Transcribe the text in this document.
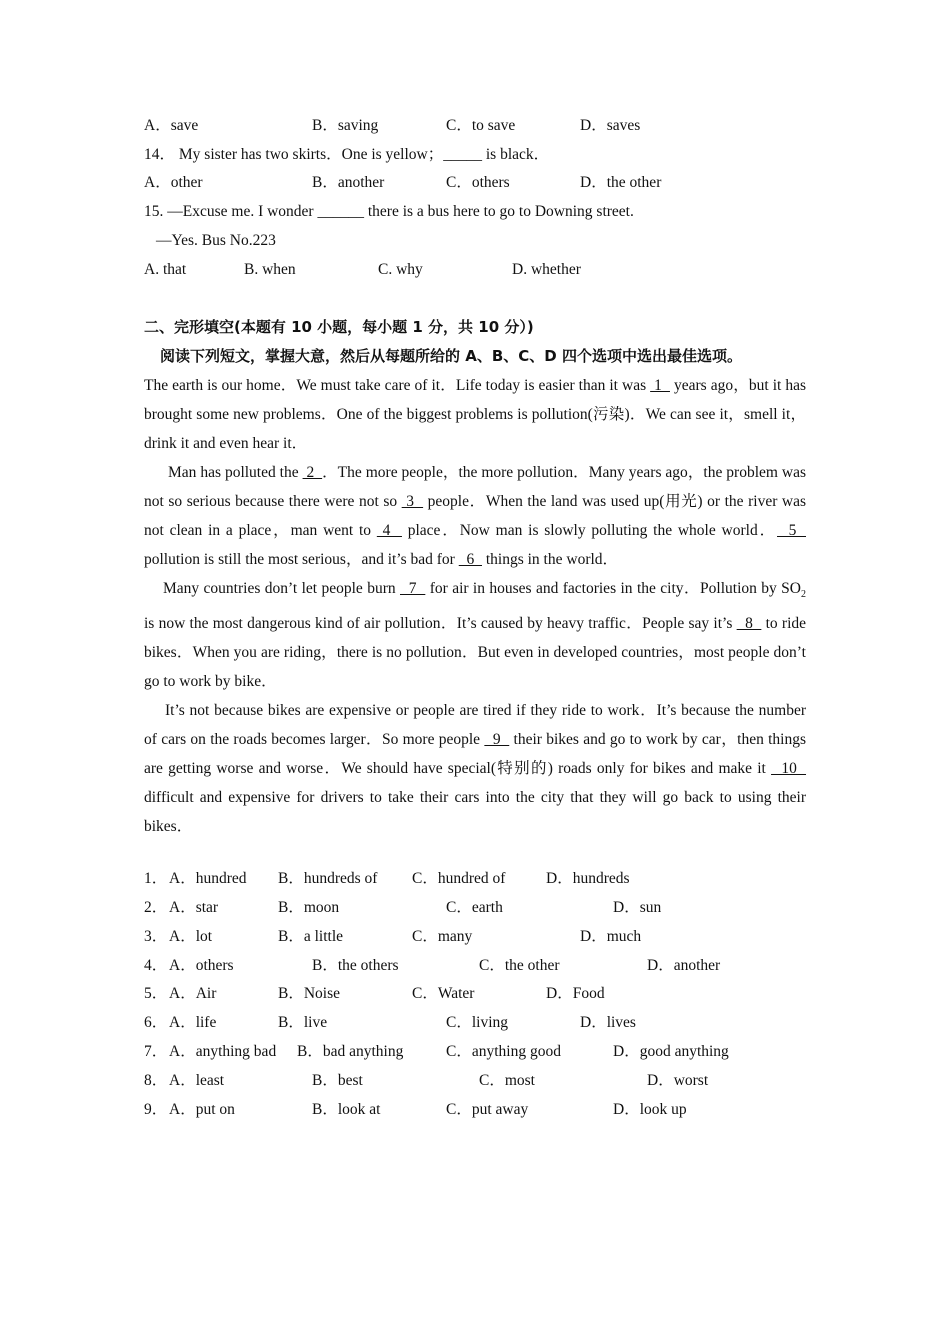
A．save	B．saving	C．to save	D．saves
14． My sister has two skirts．One is yellow；_____ is black．
A．other	B．another	C．others	D．the other
15. —Excuse me. I wonder ______ there is a bus here to go to Downing street.
—Yes. Bus No.223
A. that	B. when	C. why	D. whether
二、完形填空(本题有 10 小题，每小题 1 分，共 10 分）)
阅读下列短文，掌握大意，然后从每题所给的 A、B、C、D 四个选项中选出最佳选项。
The earth is our home．We must take care of it．Life today is easier than it was  1   years ago，but it has brought some new problems．One of the biggest problems is pollution(污染)．We can see it，smell it，drink it and even hear it．
Man has polluted the  2  ．The more people，the more pollution．Many years ago，the problem was not so serious because there were not so  3   people．When the land was used up(用光) or the river was not clean in a place，man went to  4   place．Now man is slowly polluting the whole world．  5   pollution is still the most serious，and it’s bad for   6   things in the world．
Many countries don’t let people burn   7   for air in houses and factories in the city．Pollution by $SO_2$ is now the most dangerous kind of air pollution．It’s caused by heavy traffic．People say it’s   8   to ride bikes．When you are riding，there is no pollution．But even in developed countries，most people don’t go to work by bike．
It’s not because bikes are expensive or people are tired if they ride to work．It’s because the number of cars on the roads becomes larger．So more people   9   their bikes and go to work by car，then things are getting worse and worse．We should have special(特别的) roads only for bikes and make it   10   difficult and expensive for drivers to take their cars into the city that they will go back to using their bikes．
1． A．hundred B．hundreds of C．hundred of	D．hundreds
2． A．star	B．moon	C．earth	D．sun
3． A．lot	B．a little	C．many	D．much
4． A．others	B．the others	C．the other	D．another
5． A．Air	B．Noise	C．Water	D．Food
6． A．life	B．live	C．living	D．lives
7． A．anything bad B．bad anything	C．anything good	D．good anything
8． A．least	B．best	C．most	D．worst
9． A．put on	B．look at	C．put away	D．look up
